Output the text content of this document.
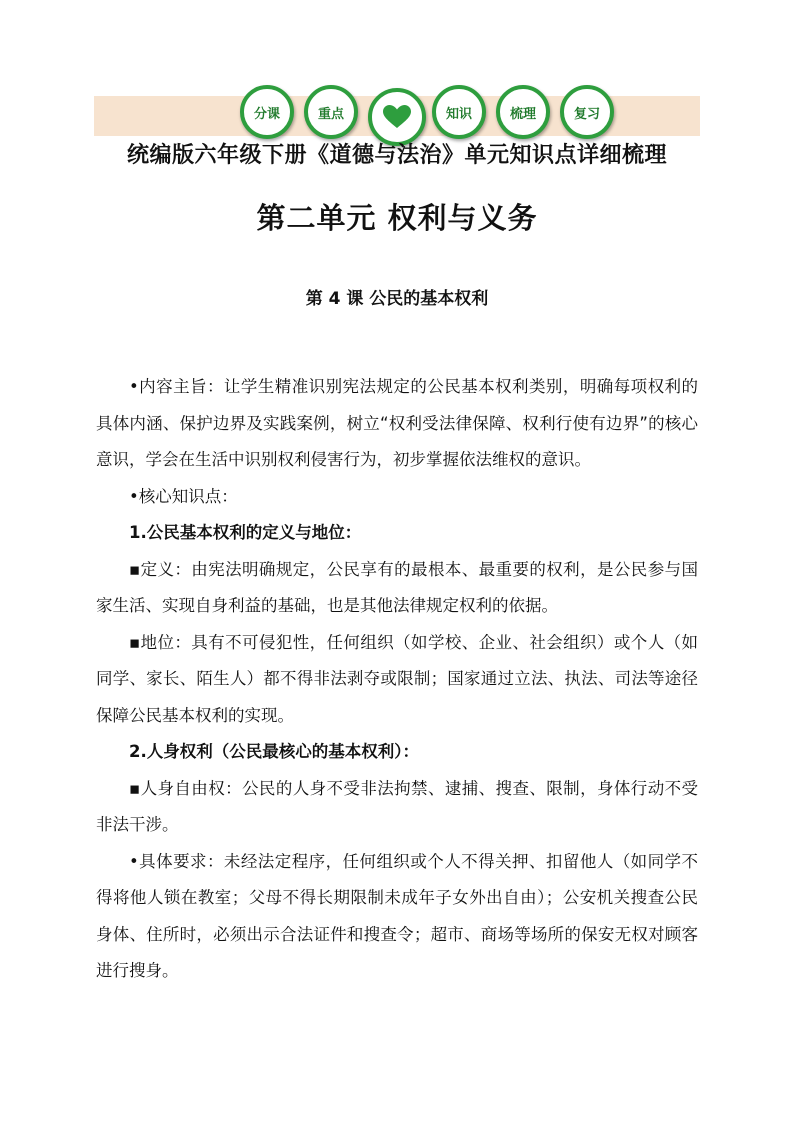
分课	重点	知识	梳理	复习
统编版六年级下册《道德与法治》单元知识点详细梳理
第二单元 权利与义务
第 4 课 公民的基本权利

•内容主旨：让学生精准识别宪法规定的公民基本权利类别，明确每项权利的具体内涵、保护边界及实践案例，树立“权利受法律保障、权利行使有边界”的核心意识，学会在生活中识别权利侵害行为，初步掌握依法维权的意识。

•核心知识点：

1.公民基本权利的定义与地位：

▪定义：由宪法明确规定，公民享有的最根本、最重要的权利，是公民参与国家生活、实现自身利益的基础，也是其他法律规定权利的依据。

▪地位：具有不可侵犯性，任何组织（如学校、企业、社会组织）或个人（如同学、家长、陌生人）都不得非法剥夺或限制；国家通过立法、执法、司法等途径保障公民基本权利的实现。

2.人身权利（公民最核心的基本权利）：

▪人身自由权：公民的人身不受非法拘禁、逮捕、搜查、限制，身体行动不受非法干涉。

•具体要求：未经法定程序，任何组织或个人不得关押、扣留他人（如同学不得将他人锁在教室；父母不得长期限制未成年子女外出自由）；公安机关搜查公民身体、住所时，必须出示合法证件和搜查令；超市、商场等场所的保安无权对顾客进行搜身。
